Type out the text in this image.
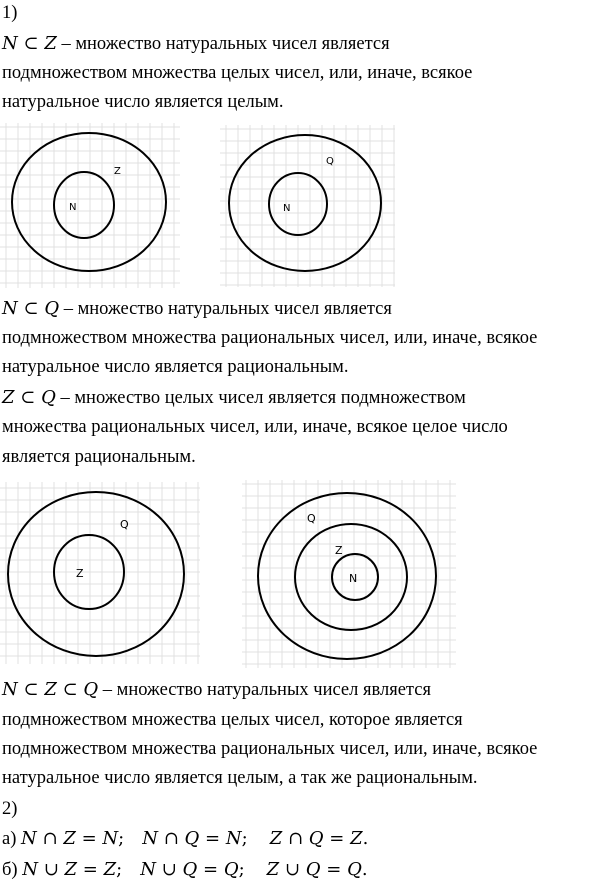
1)
N ⊂ Z – множество натуральных чисел является
подмножеством множества целых чисел, или, иначе, всякое
натуральное число является целым.
Z
N
Q
N
N ⊂ Q – множество натуральных чисел является
подмножеством множества рациональных чисел, или, иначе, всякое
натуральное число является рациональным.
Z ⊂ Q – множество целых чисел является подмножеством
множества рациональных чисел, или, иначе, всякое целое число
является рациональным.
Q
Z
Q
Z
N
N ⊂ Z ⊂ Q – множество натуральных чисел является
подмножеством множества целых чисел, которое является
подмножеством множества рациональных чисел, или, иначе, всякое
натуральное число является целым, а так же рациональным.
2)
а) N ∩ Z = N; N ∩ Q = N; Z ∩ Q = Z.
б) N ∪ Z = Z; N ∪ Q = Q; Z ∪ Q = Q.
